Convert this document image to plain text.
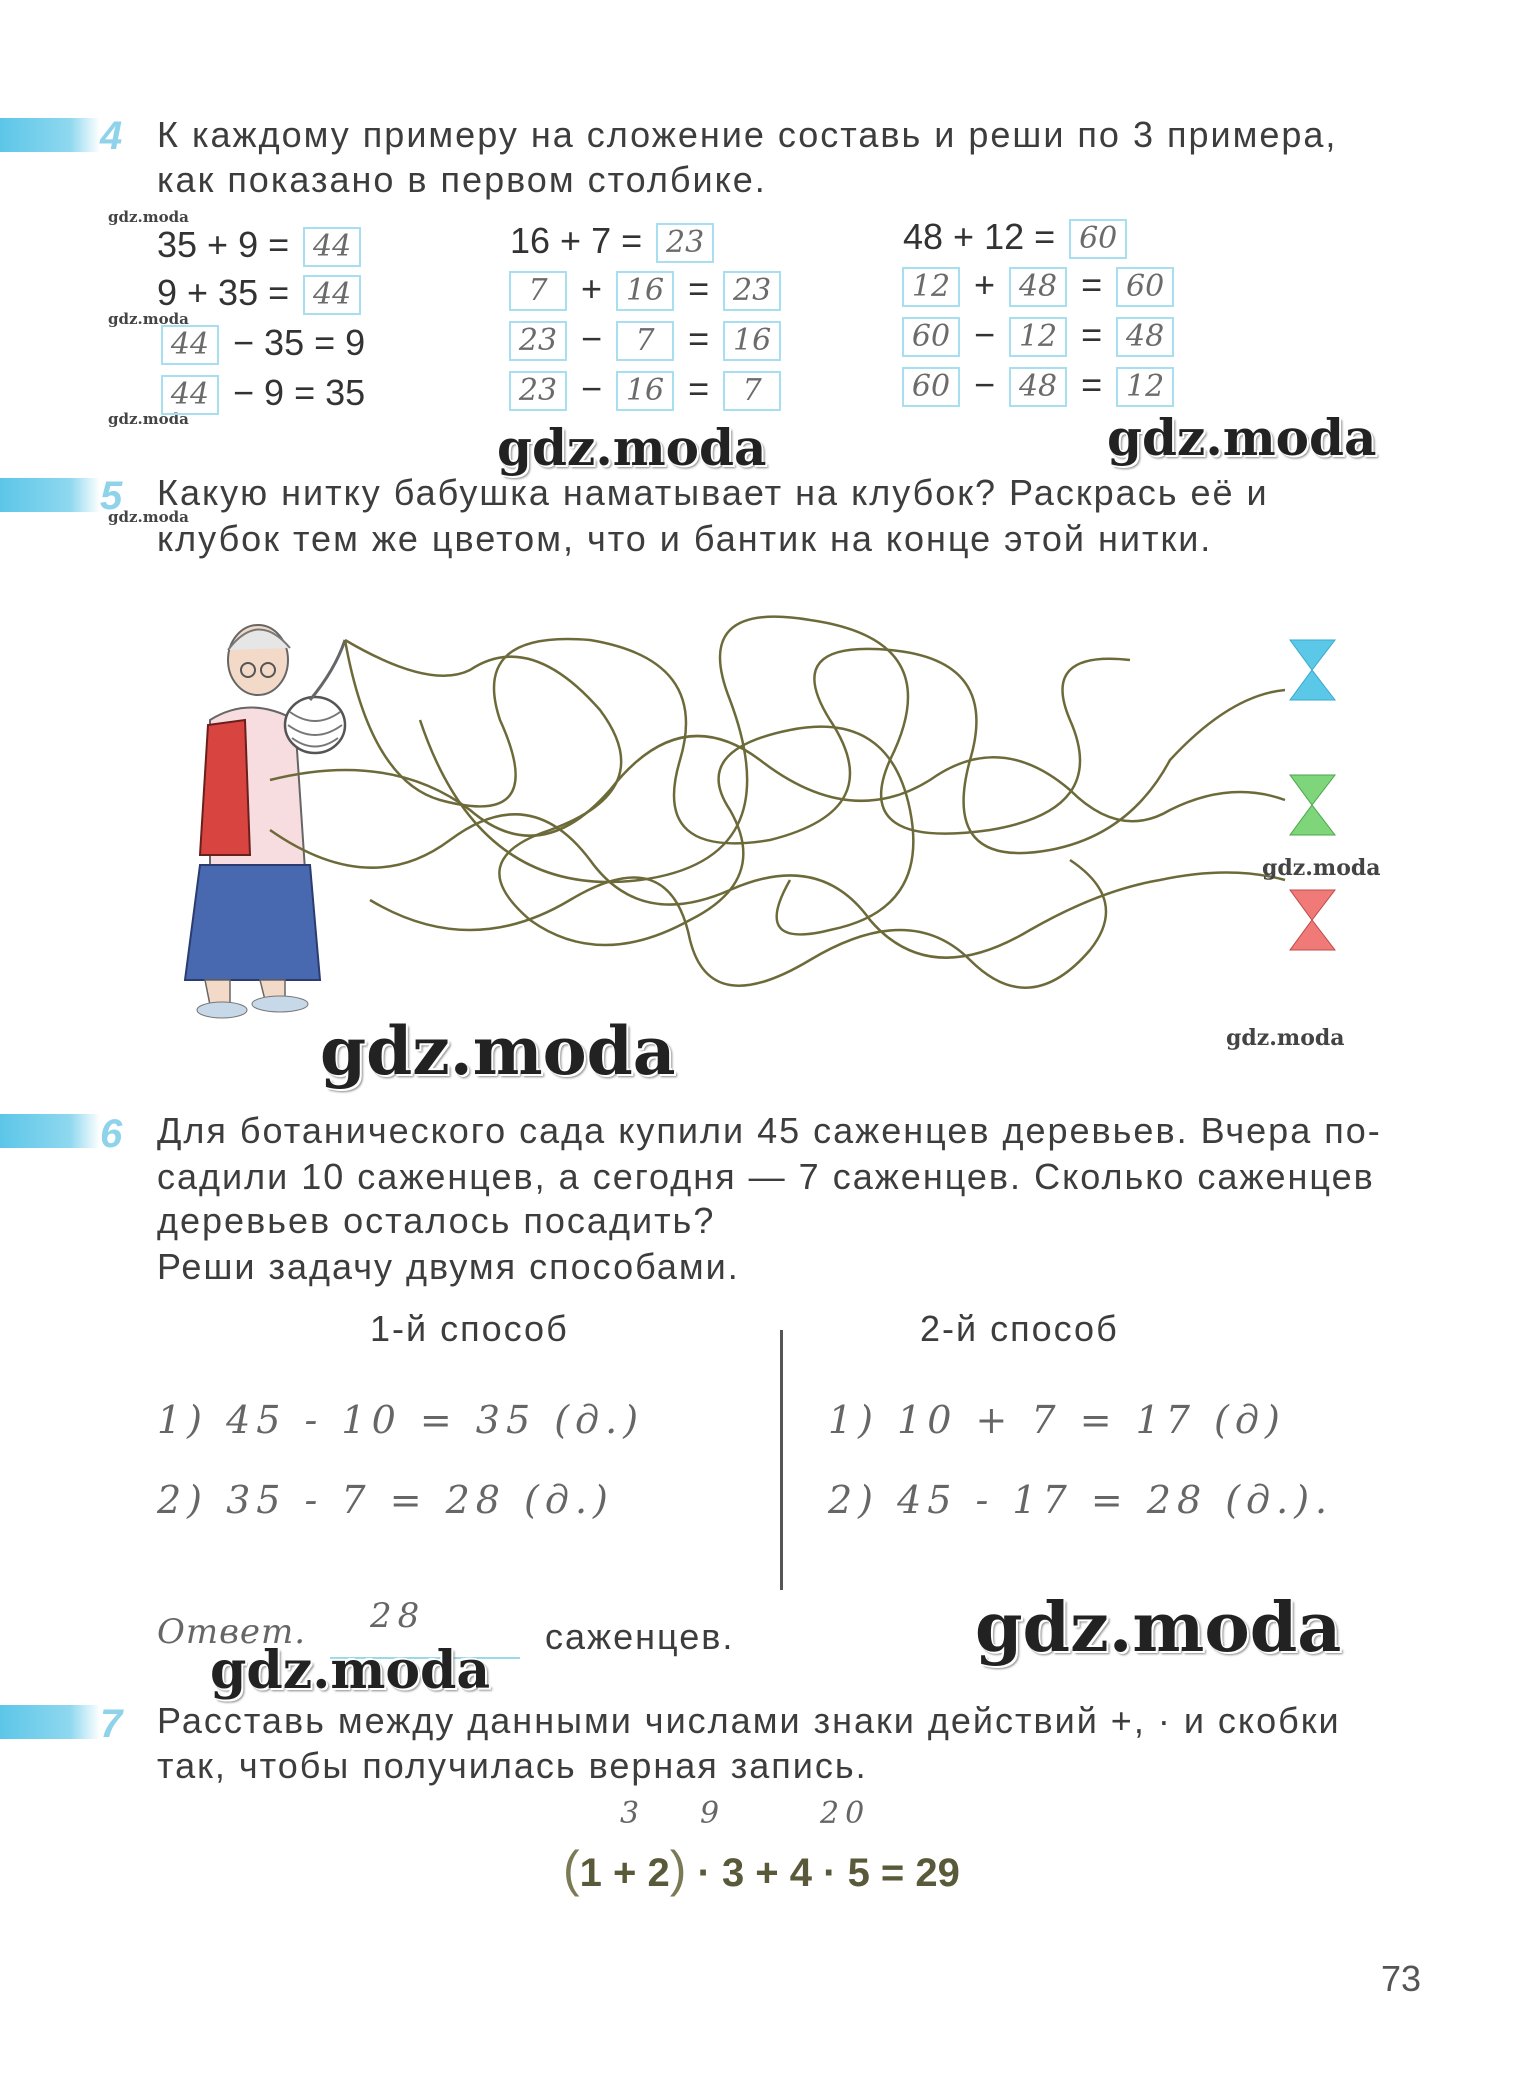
4 К каждому примеру на сложение составь и реши по 3 примера,
как показано в первом столбике.
gdz.moda
gdz.moda
gdz.moda
35 + 9 = 44
9 + 35 = 44
44 − 35 = 9
44 − 9 = 35
16 + 7 = 23
7 + 16 = 23
23 − 7 = 16
23 − 16 = 7
48 + 12 = 60
12 + 48 = 60
60 − 12 = 48
60 − 48 = 12
gdz.moda	gdz.moda
5
gdz.moda
Какую нитку бабушка наматывает на клубок? Раскрась её и
клубок тем же цветом, что и бантик на конце этой нитки.
gdz.moda
gdz.moda
gdz.moda
6 Для ботанического сада купили 45 саженцев деревьев. Вчера по-
садили 10 саженцев, а сегодня — 7 саженцев. Сколько саженцев
деревьев осталось посадить?
Реши задачу двумя способами.
1-й способ	2-й способ
1) 45 - 10 = 35 (д.)
2) 35 - 7 = 28 (д.)
1) 10 + 7 = 17 (д)
2) 45 - 17 = 28 (д.).
Ответ. 28	саженцев.
gdz.moda
gdz.moda
7 Расставь между данными числами знаки действий +, · и скобки
так, чтобы получилась верная запись.
3 9	20
(1 + 2) · 3 + 4 · 5 = 29
73
